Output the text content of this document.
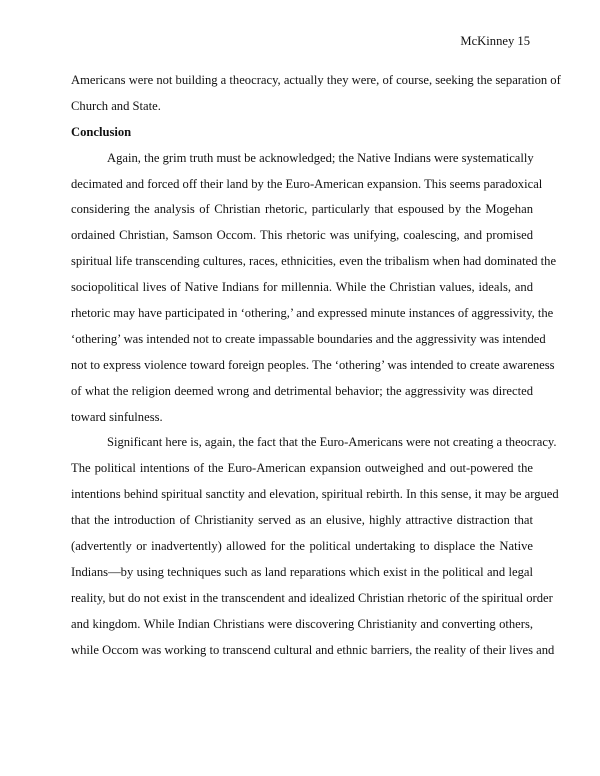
McKinney 15
Americans were not building a theocracy, actually they were, of course, seeking the separation of
Church and State.
Conclusion
Again, the grim truth must be acknowledged; the Native Indians were systematically
decimated and forced off their land by the Euro-American expansion. This seems paradoxical
considering the analysis of Christian rhetoric, particularly that espoused by the Mogehan
ordained Christian, Samson Occom. This rhetoric was unifying, coalescing, and promised
spiritual life transcending cultures, races, ethnicities, even the tribalism when had dominated the
sociopolitical lives of Native Indians for millennia. While the Christian values, ideals, and
rhetoric may have participated in ‘othering,’ and expressed minute instances of aggressivity, the
‘othering’ was intended not to create impassable boundaries and the aggressivity was intended
not to express violence toward foreign peoples. The ‘othering’ was intended to create awareness
of what the religion deemed wrong and detrimental behavior; the aggressivity was directed
toward sinfulness.
Significant here is, again, the fact that the Euro-Americans were not creating a theocracy.
The political intentions of the Euro-American expansion outweighed and out-powered the
intentions behind spiritual sanctity and elevation, spiritual rebirth. In this sense, it may be argued
that the introduction of Christianity served as an elusive, highly attractive distraction that
(advertently or inadvertently) allowed for the political undertaking to displace the Native
Indians—by using techniques such as land reparations which exist in the political and legal
reality, but do not exist in the transcendent and idealized Christian rhetoric of the spiritual order
and kingdom. While Indian Christians were discovering Christianity and converting others,
while Occom was working to transcend cultural and ethnic barriers, the reality of their lives and
